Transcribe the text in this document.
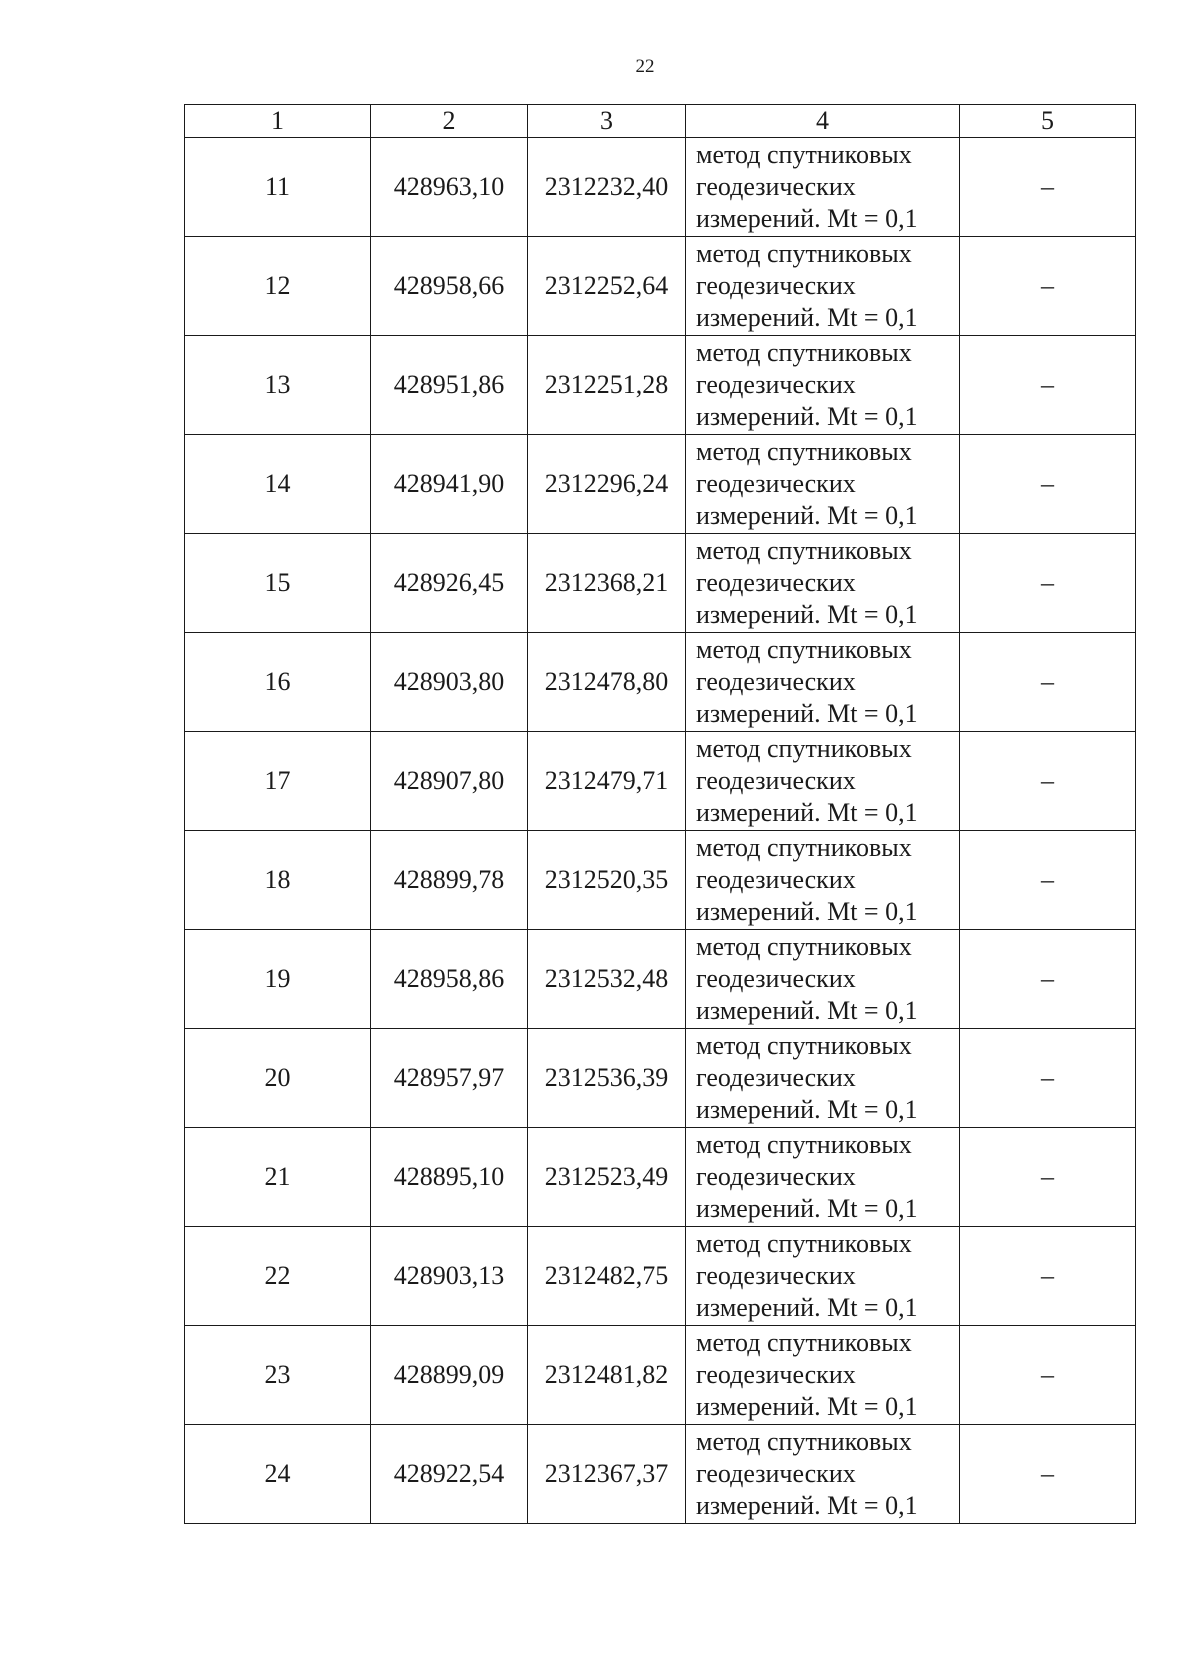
22
1	2	3	4	5
11	428963,10	2312232,40	метод спутниковых
геодезических
измерений. Mt = 0,1	–
12	428958,66	2312252,64	метод спутниковых
геодезических
измерений. Mt = 0,1	–
13	428951,86	2312251,28	метод спутниковых
геодезических
измерений. Mt = 0,1	–
14	428941,90	2312296,24	метод спутниковых
геодезических
измерений. Mt = 0,1	–
15	428926,45	2312368,21	метод спутниковых
геодезических
измерений. Mt = 0,1	–
16	428903,80	2312478,80	метод спутниковых
геодезических
измерений. Mt = 0,1	–
17	428907,80	2312479,71	метод спутниковых
геодезических
измерений. Mt = 0,1	–
18	428899,78	2312520,35	метод спутниковых
геодезических
измерений. Mt = 0,1	–
19	428958,86	2312532,48	метод спутниковых
геодезических
измерений. Mt = 0,1	–
20	428957,97	2312536,39	метод спутниковых
геодезических
измерений. Mt = 0,1	–
21	428895,10	2312523,49	метод спутниковых
геодезических
измерений. Mt = 0,1	–
22	428903,13	2312482,75	метод спутниковых
геодезических
измерений. Mt = 0,1	–
23	428899,09	2312481,82	метод спутниковых
геодезических
измерений. Mt = 0,1	–
24	428922,54	2312367,37	метод спутниковых
геодезических
измерений. Mt = 0,1	–
